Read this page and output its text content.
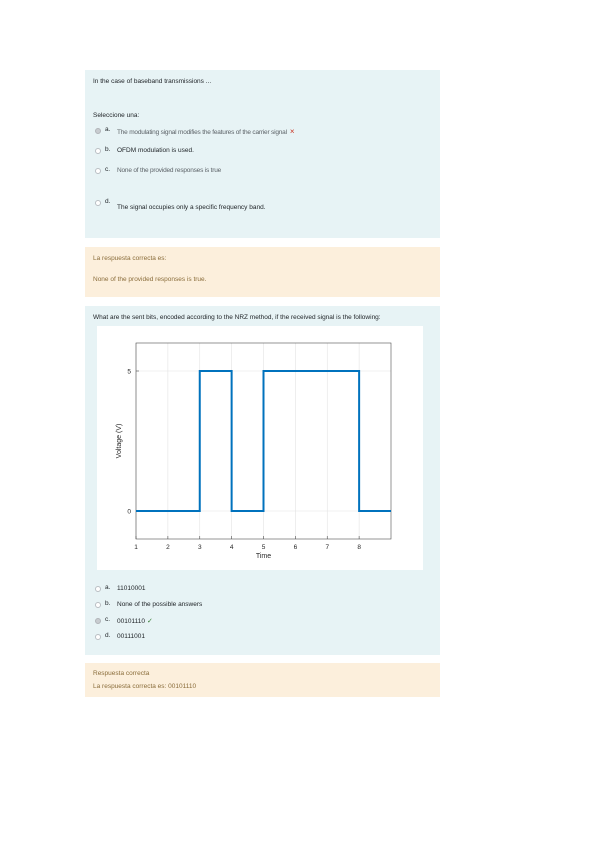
In the case of baseband transmissions ...
Seleccione una:
a. The modulating signal modifies the features of the carrier signal ×
b. OFDM modulation is used.
c. None of the provided responses is true
d.
The signal occupies only a specific frequency band.
La respuesta correcta es:
None of the provided responses is true.
What are the sent bits, encoded according to the NRZ method, if the received signal is the following:
1	2	3	4	5	6	7	8
0
5
Time
Voltage (V)
a. 11010001
b. None of the possible answers
c. 00101110 ✓
d. 00111001
Respuesta correcta
La respuesta correcta es: 00101110
